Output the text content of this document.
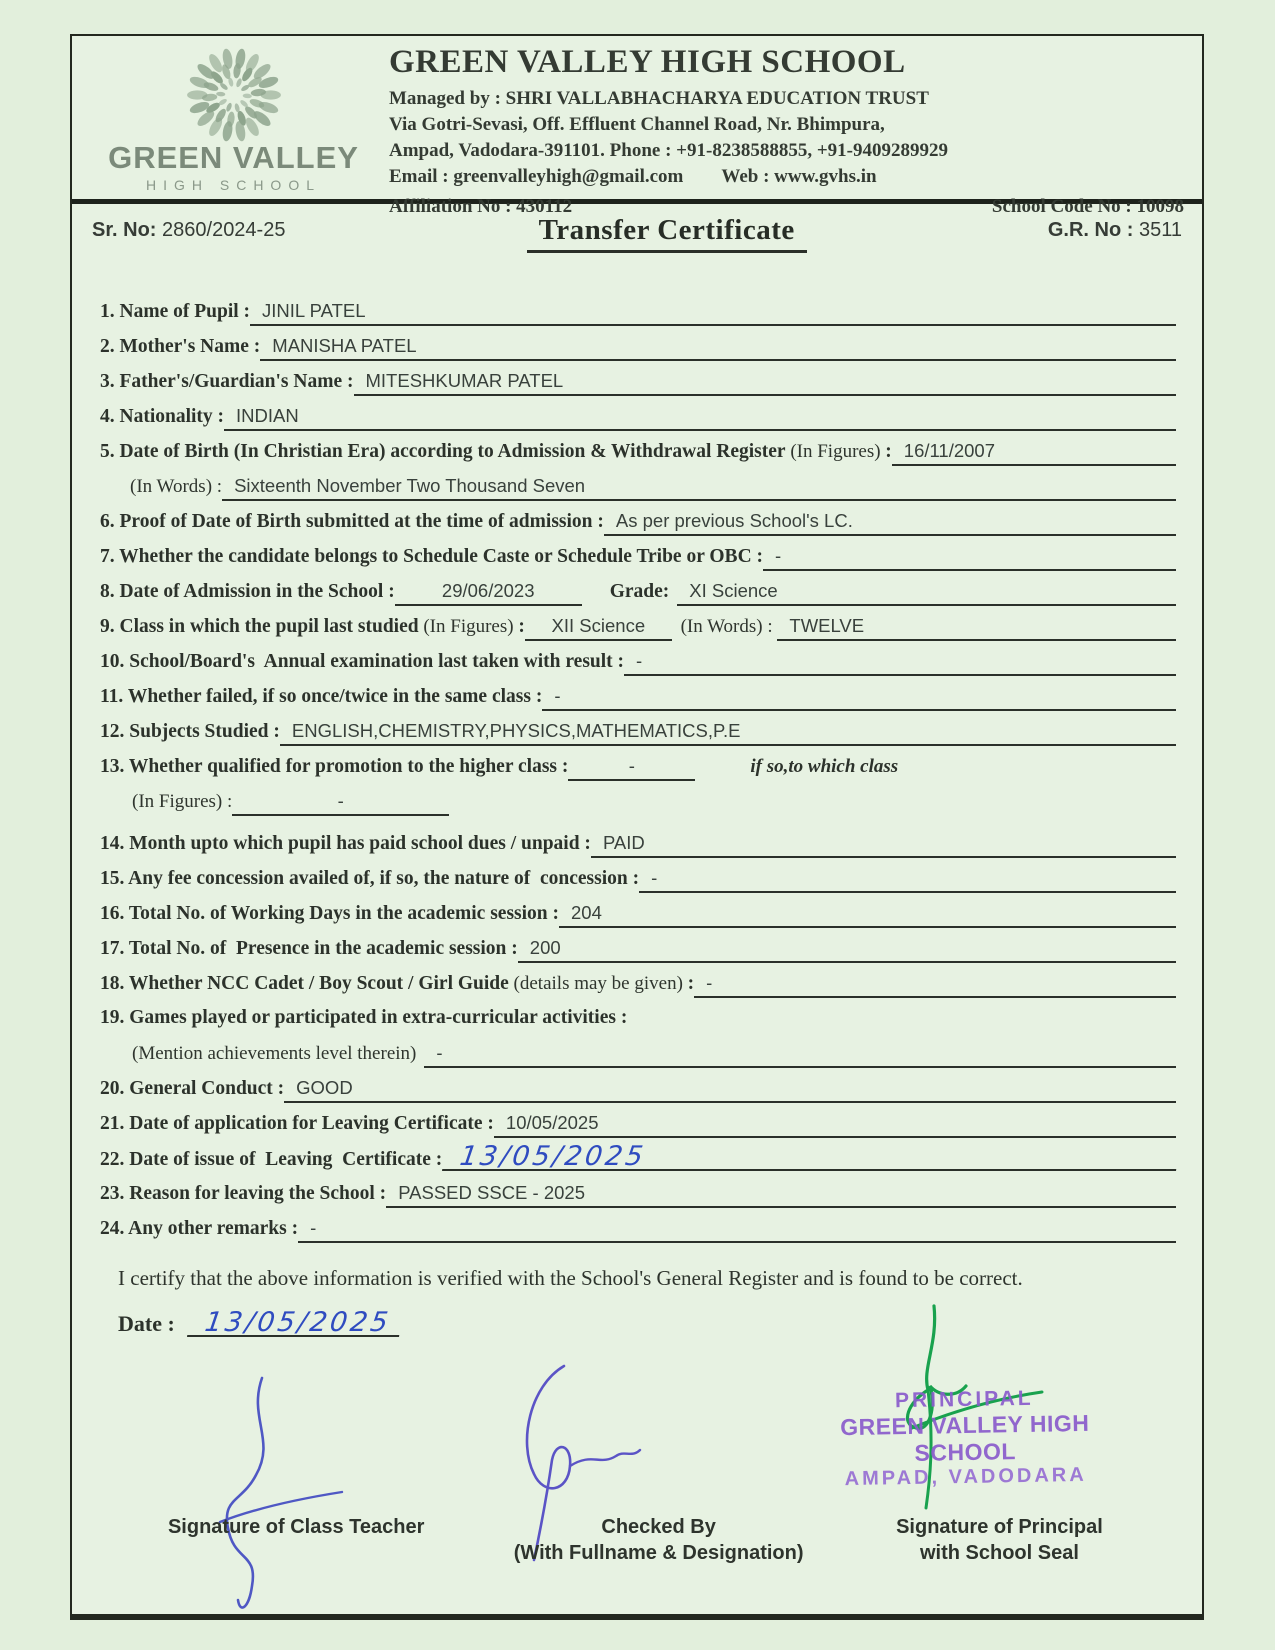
GREEN VALLEY
HIGH SCHOOL
GREEN VALLEY HIGH SCHOOL
Managed by : SHRI VALLABHACHARYA EDUCATION TRUST
Via Gotri-Sevasi, Off. Effluent Channel Road, Nr. Bhimpura,
Ampad, Vadodara-391101. Phone : +91-8238588855, +91-9409289929
Email : greenvalleyhigh@gmail.com Web : www.gvhs.in
Affiliation No : 430112	School Code No : 10098
Sr. No: 2860/2024-25	Transfer Certificate	G.R. No : 3511
1. Name of Pupil : JINIL PATEL
2. Mother's Name : MANISHA PATEL
3. Father's/Guardian's Name : MITESHKUMAR PATEL
4. Nationality : INDIAN
5. Date of Birth (In Christian Era) according to Admission & Withdrawal Register (In Figures) : 16/11/2007
(In Words) : Sixteenth November Two Thousand Seven
6. Proof of Date of Birth submitted at the time of admission : As per previous School's LC.
7. Whether the candidate belongs to Schedule Caste or Schedule Tribe or OBC : -
8. Date of Admission in the School :	29/06/2023	Grade:	XI Science
9. Class in which the pupil last studied (In Figures) :	XII Science	(In Words) : TWELVE
10. School/Board's  Annual examination last taken with result : -
11. Whether failed, if so once/twice in the same class : -
12. Subjects Studied : ENGLISH,CHEMISTRY,PHYSICS,MATHEMATICS,P.E
13. Whether qualified for promotion to the higher class :	-	if so,to which class
(In Figures) :	-
14. Month upto which pupil has paid school dues / unpaid : PAID
15. Any fee concession availed of, if so, the nature of  concession : -
16. Total No. of Working Days in the academic session : 204
17. Total No. of  Presence in the academic session : 200
18. Whether NCC Cadet / Boy Scout / Girl Guide (details may be given) : -
19. Games played or participated in extra-curricular activities :
(Mention achievements level therein)	-
20. General Conduct : GOOD
21. Date of application for Leaving Certificate : 10/05/2025
22. Date of issue of  Leaving  Certificate : 13/05/2025
23. Reason for leaving the School : PASSED SSCE - 2025
24. Any other remarks : -
I certify that the above information is verified with the School's General Register and is found to be correct.
Date :	13/05/2025
PRINCIPAL
GREEN VALLEY HIGH SCHOOL
AMPAD, VADODARA
Signature of Class Teacher	Checked By
(With Fullname & Designation)
Signature of Principal
with School Seal
